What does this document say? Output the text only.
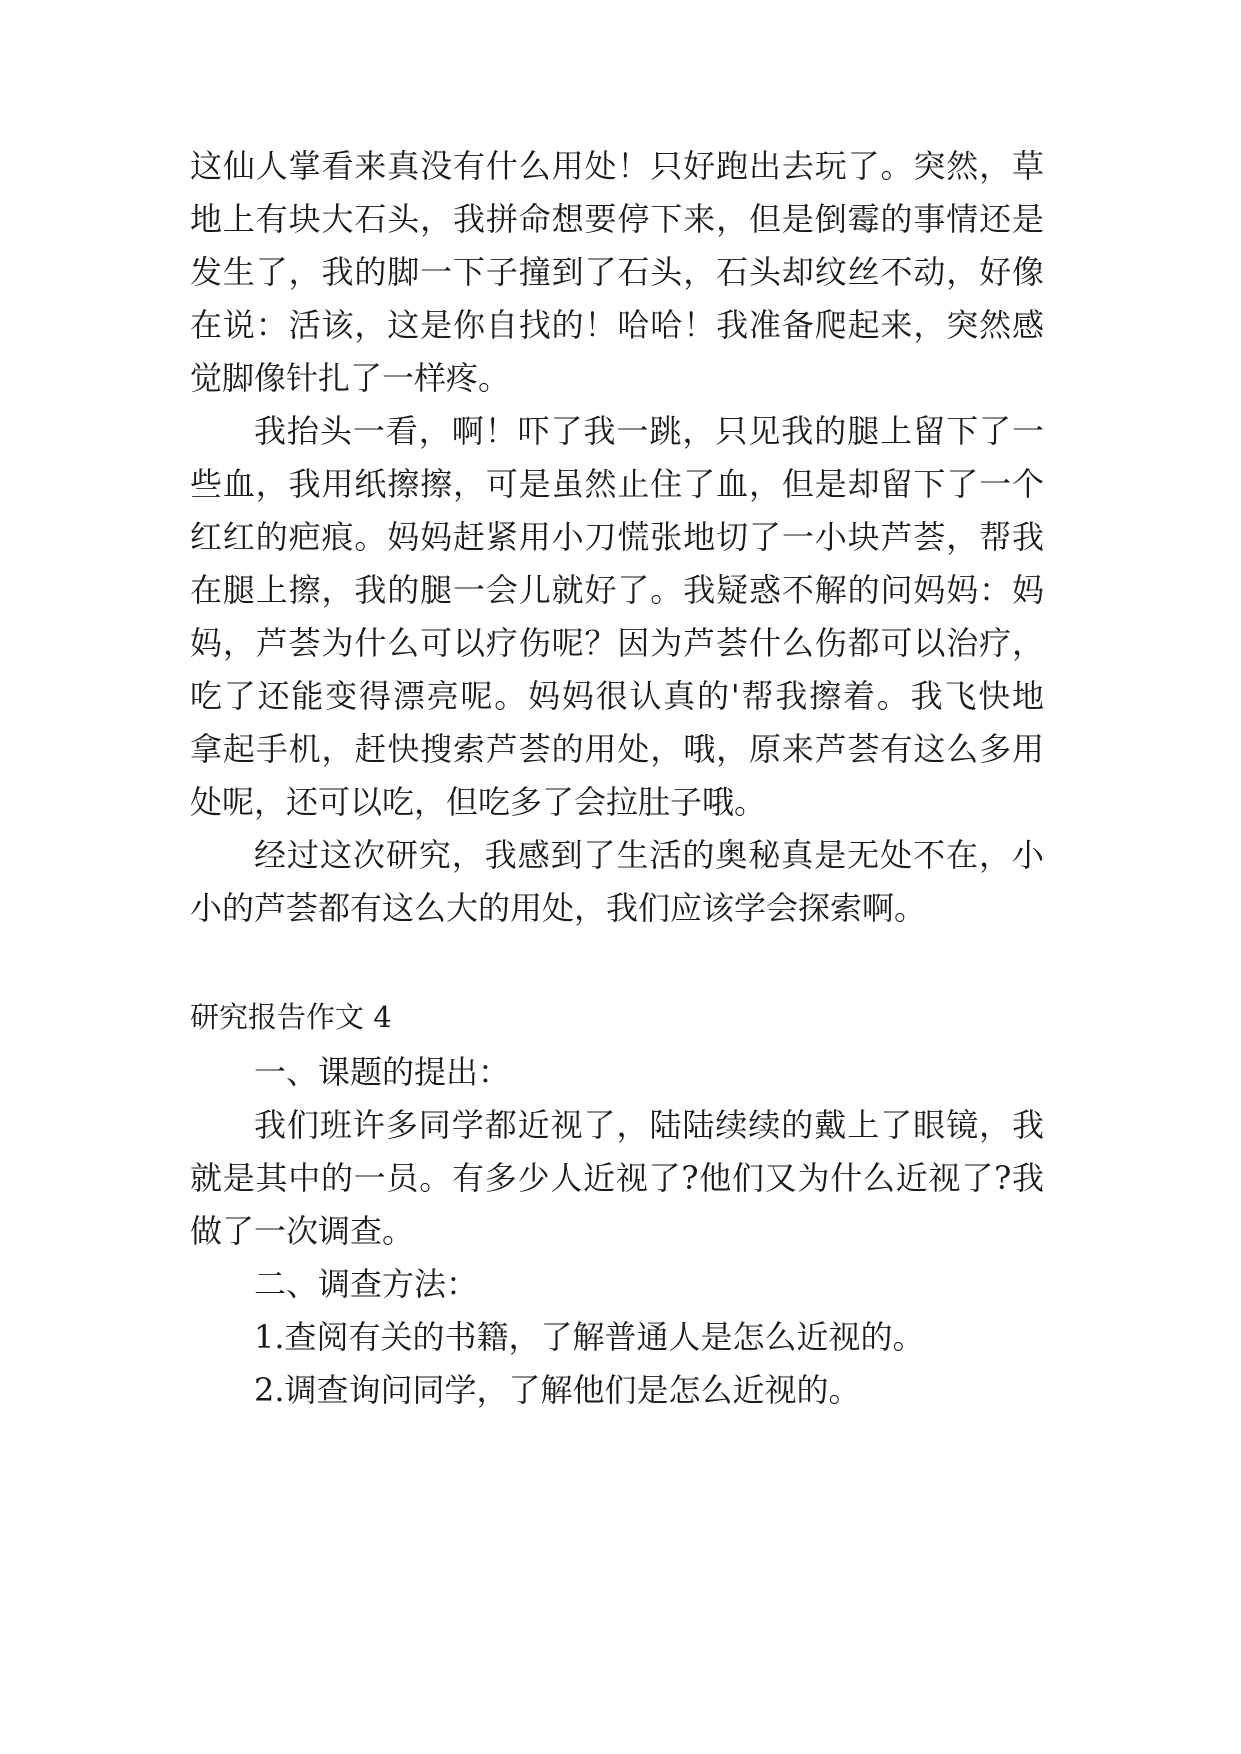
这仙人掌看来真没有什么用处！只好跑出去玩了。突然，草
地上有块大石头，我拼命想要停下来，但是倒霉的事情还是
发生了，我的脚一下子撞到了石头，石头却纹丝不动，好像
在说：活该，这是你自找的！哈哈！我准备爬起来，突然感
觉脚像针扎了一样疼。
我抬头一看，啊！吓了我一跳，只见我的腿上留下了一
些血，我用纸擦擦，可是虽然止住了血，但是却留下了一个
红红的疤痕。妈妈赶紧用小刀慌张地切了一小块芦荟，帮我
在腿上擦，我的腿一会儿就好了。我疑惑不解的问妈妈：妈
妈，芦荟为什么可以疗伤呢？因为芦荟什么伤都可以治疗，
吃了还能变得漂亮呢。妈妈很认真的'帮我擦着。我飞快地
拿起手机，赶快搜索芦荟的用处，哦，原来芦荟有这么多用
处呢，还可以吃，但吃多了会拉肚子哦。
经过这次研究，我感到了生活的奥秘真是无处不在，小
小的芦荟都有这么大的用处，我们应该学会探索啊。
研究报告作文 4
一、课题的提出：
我们班许多同学都近视了，陆陆续续的戴上了眼镜，我
就是其中的一员。有多少人近视了?他们又为什么近视了?我
做了一次调查。
二、调查方法：
1.查阅有关的书籍，了解普通人是怎么近视的。
2.调查询问同学，了解他们是怎么近视的。
